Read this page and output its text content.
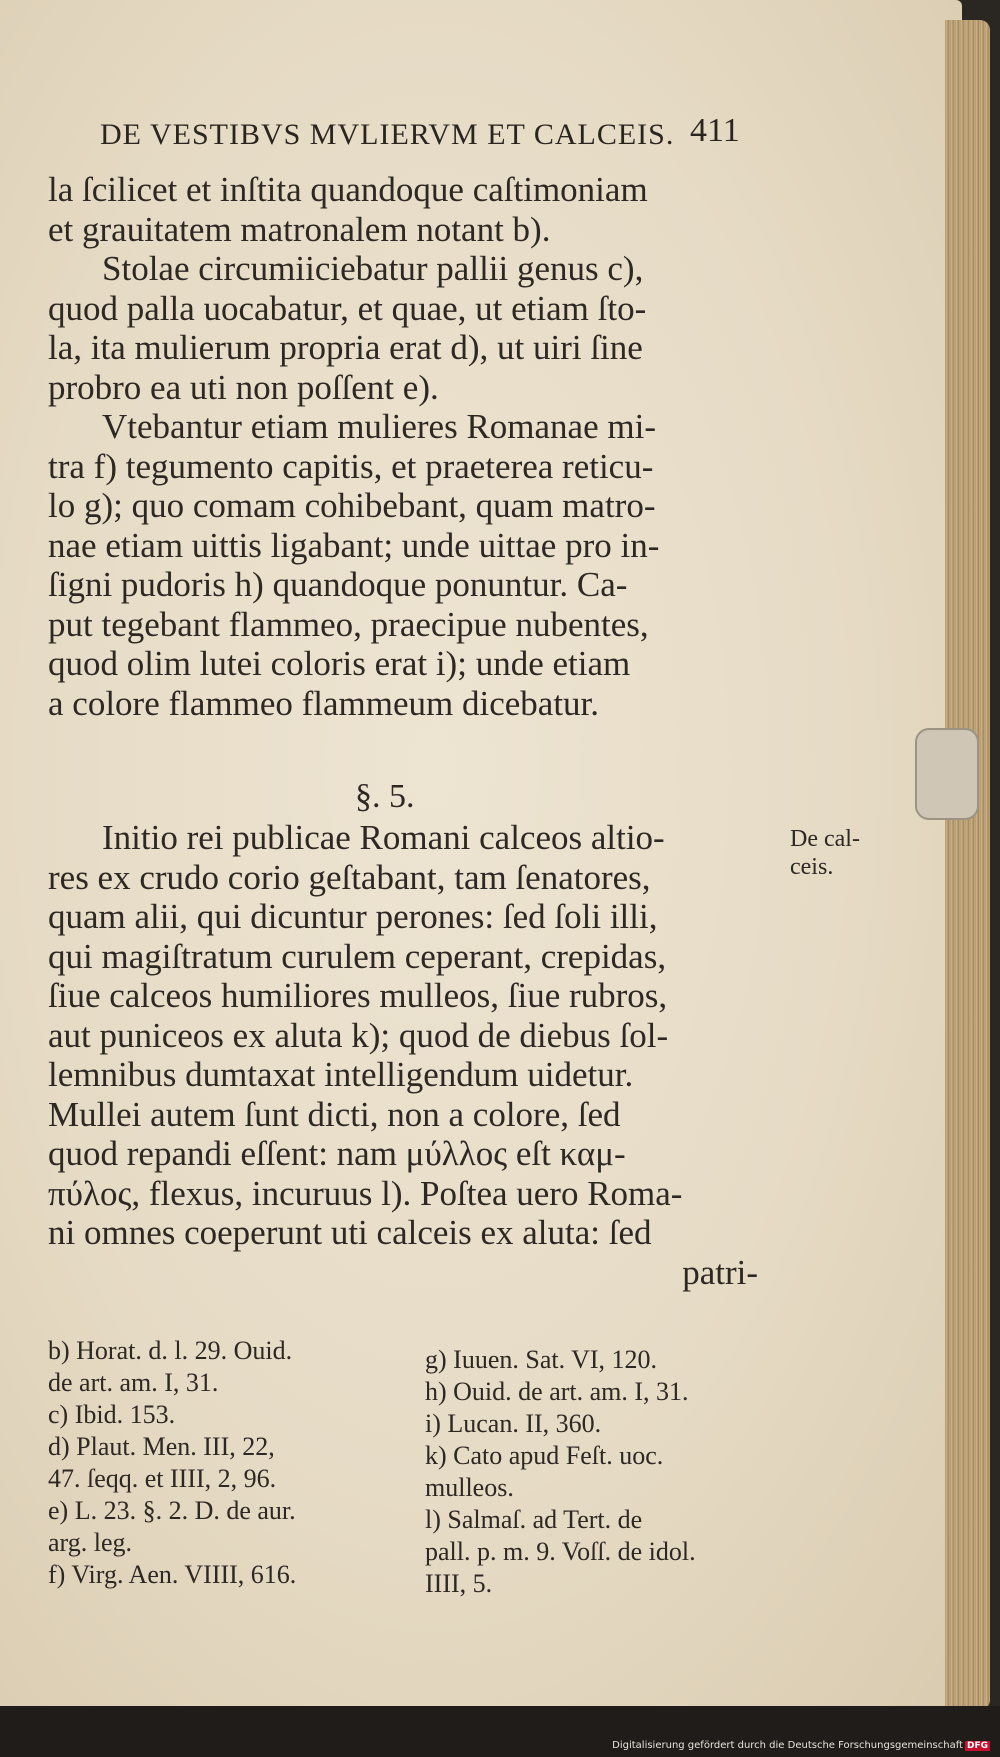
DE VESTIBVS MVLIERVM ET CALCEIS. 411
la ſcilicet et inſtita quandoque caſtimoniam
et grauitatem matronalem notant b).
Stolae circumiiciebatur pallii genus c),
quod palla uocabatur, et quae, ut etiam ſto-
la, ita mulierum propria erat d), ut uiri ſine
probro ea uti non poſſent e).
Vtebantur etiam mulieres Romanae mi-
tra f) tegumento capitis, et praeterea reticu-
lo g); quo comam cohibebant, quam matro-
nae etiam uittis ligabant; unde uittae pro in-
ſigni pudoris h) quandoque ponuntur. Ca-
put tegebant flammeo, praecipue nubentes,
quod olim lutei coloris erat i); unde etiam
a colore flammeo flammeum dicebatur.
§. 5.
Initio rei publicae Romani calceos altio-
res ex crudo corio geſtabant, tam ſenatores,
quam alii, qui dicuntur perones: ſed ſoli illi,
qui magiſtratum curulem ceperant, crepidas,
ſiue calceos humiliores mulleos, ſiue rubros,
aut puniceos ex aluta k); quod de diebus ſol-
lemnibus dumtaxat intelligendum uidetur.
Mullei autem ſunt dicti, non a colore, ſed
quod repandi eſſent: nam μύλλος eſt καμ-
πύλος, flexus, incuruus l). Poſtea uero Roma-
ni omnes coeperunt uti calceis ex aluta: ſed
patri-
De cal-
ceis.
b) Horat. d. l. 29. Ouid.
de art. am. I, 31.
c) Ibid. 153.
d) Plaut. Men. III, 22,
47. ſeqq. et IIII, 2, 96.
e) L. 23. §. 2. D. de aur.
arg. leg.
f) Virg. Aen. VIIII, 616.
g) Iuuen. Sat. VI, 120.
h) Ouid. de art. am. I, 31.
i) Lucan. II, 360.
k) Cato apud Feſt. uoc.
mulleos.
l) Salmaſ. ad Tert. de
pall. p. m. 9. Voſſ. de idol.
IIII, 5.
Digitalisierung gefördert durch die Deutsche Forschungsgemeinschaft DFG
